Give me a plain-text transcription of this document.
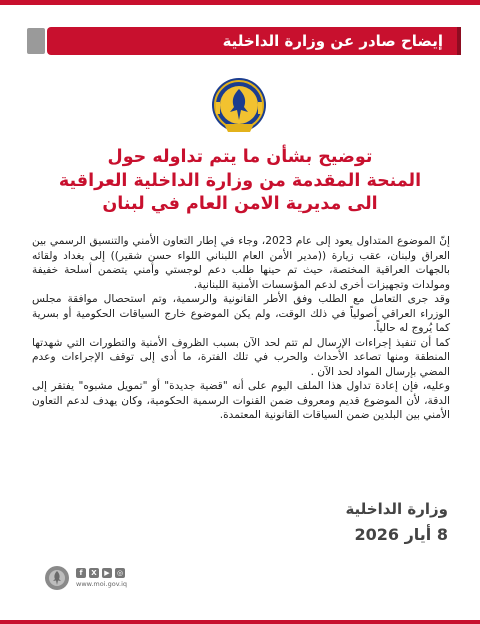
إيضاح صادر عن وزارة الداخلية
توضيح بشأن ما يتم تداوله حول
المنحة المقدمة من وزارة الداخلية العراقية
الى مديرية الامن العام في لبنان

إنّ الموضوع المتداول يعود إلى عام 2023، وجاء في إطار التعاون الأمني والتنسيق الرسمي بين العراق ولبنان، عقب زيارة ((مدير الأمن العام اللبناني اللواء حسن شقير)) إلى بغداد ولقائه بالجهات العراقية المختصة، حيث تم حينها طلب دعم لوجستي وأمني يتضمن أسلحة خفيفة ومولدات وتجهيزات أخرى لدعم المؤسسات الأمنية اللبنانية.

وقد جرى التعامل مع الطلب وفق الأطر القانونية والرسمية، وتم استحصال موافقة مجلس الوزراء العراقي أصولياً في ذلك الوقت، ولم يكن الموضوع خارج السياقات الحكومية أو بسرية كما يُروج له حالياً.

كما أن تنفيذ إجراءات الإرسال لم تتم لحد الآن بسبب الظروف الأمنية والتطورات التي شهدتها المنطقة ومنها تصاعد الأحداث والحرب في تلك الفترة، ما أدى إلى توقف الإجراءات وعدم المضي بإرسال المواد لحد الآن .

وعليه، فإن إعادة تداول هذا الملف اليوم على أنه "قضية جديدة" أو "تمويل مشبوه" يفتقر إلى الدقة، لأن الموضوع قديم ومعروف ضمن القنوات الرسمية الحكومية، وكان يهدف لدعم التعاون الأمني بين البلدين ضمن السياقات القانونية المعتمدة.

وزارة الداخلية
8 أيار 2026
f	X	▶	◎
www.moi.gov.iq
